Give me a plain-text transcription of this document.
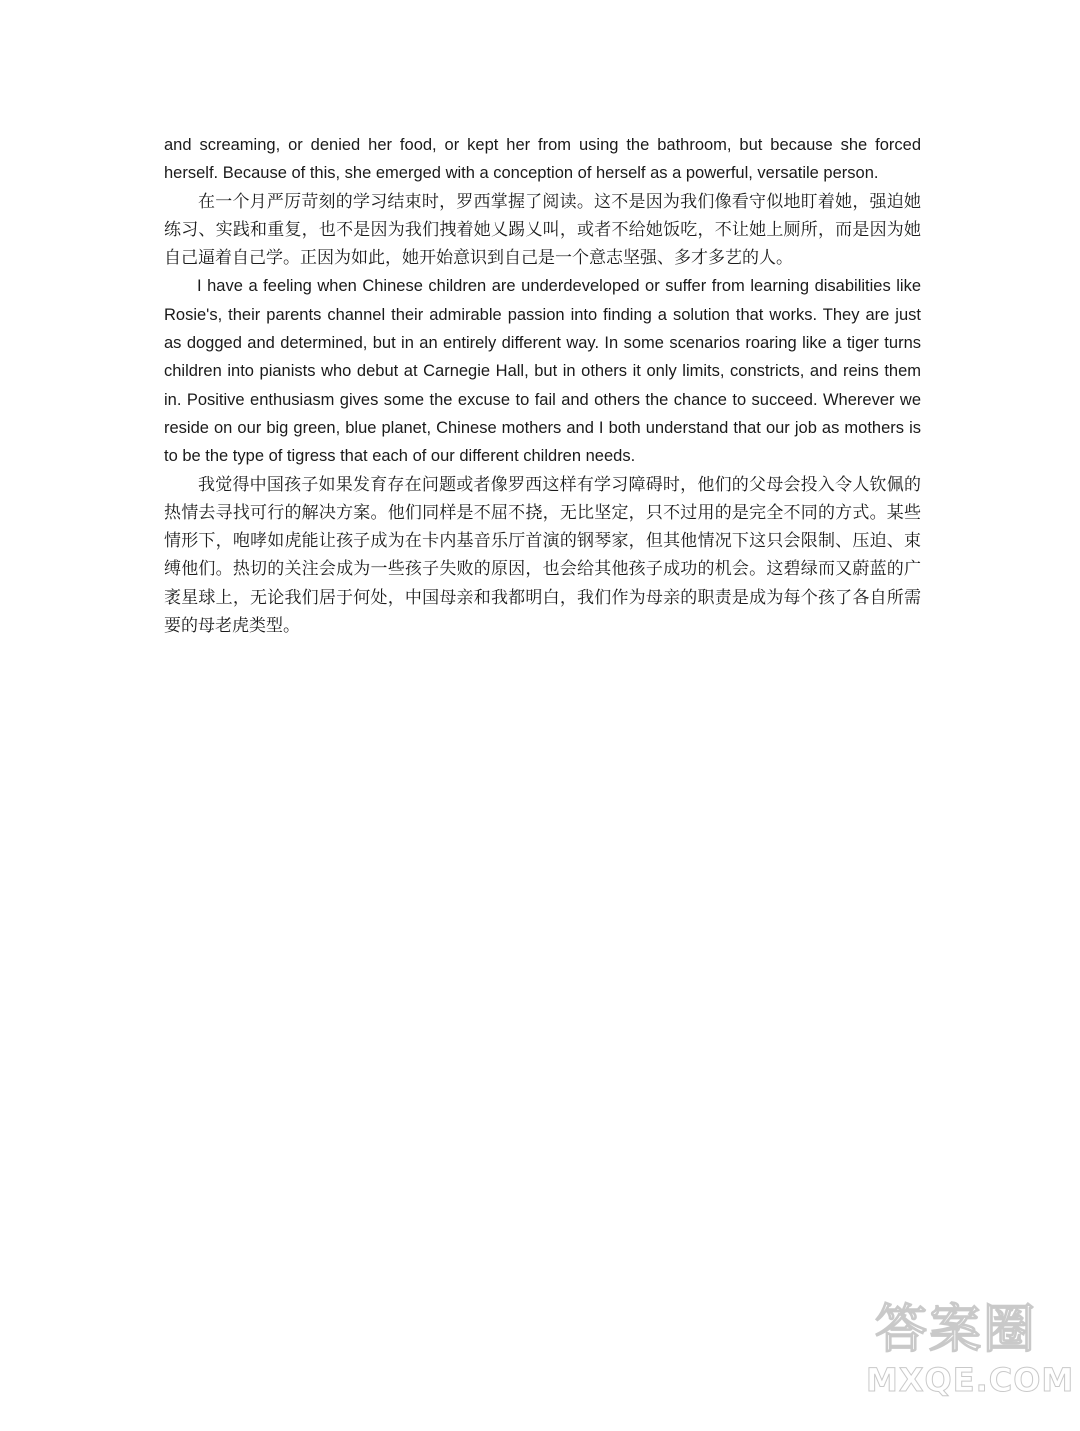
and screaming, or denied her food, or kept her from using the bathroom, but because she forced herself. Because of this, she emerged with a conception of herself as a powerful, versatile person.

在一个月严厉苛刻的学习结束时，罗西掌握了阅读。这不是因为我们像看守似地盯着她，强迫她练习、实践和重复，也不是因为我们拽着她乂踢乂叫，或者不给她饭吃，不让她上厕所，而是因为她自己逼着自己学。正因为如此，她开始意识到自己是一个意志坚强、多才多艺的人。

I have a feeling when Chinese children are underdeveloped or suffer from learning disabilities like Rosie's, their parents channel their admirable passion into finding a solution that works. They are just as dogged and determined, but in an entirely different way. In some scenarios roaring like a tiger turns children into pianists who debut at Carnegie Hall, but in others it only limits, constricts, and reins them in. Positive enthusiasm gives some the excuse to fail and others the chance to succeed. Wherever we reside on our big green, blue planet, Chinese mothers and I both understand that our job as mothers is to be the type of tigress that each of our different children needs.

我觉得中国孩子如果发育存在问题或者像罗西这样有学习障碍时，他们的父母会投入令人钦佩的热情去寻找可行的解决方案。他们同样是不屈不挠，无比坚定，只不过用的是完全不同的方式。某些情形下，咆哮如虎能让孩子成为在卡内基音乐厅首演的钢琴家，但其他情况下这只会限制、压迫、束缚他们。热切的关注会成为一些孩子失败的原因，也会给其他孩子成功的机会。这碧绿而又蔚蓝的广袤星球上，无论我们居于何处，中国母亲和我都明白，我们作为母亲的职责是成为每个孩了各自所需要的母老虎类型。

答案圈
MXQE.COM
